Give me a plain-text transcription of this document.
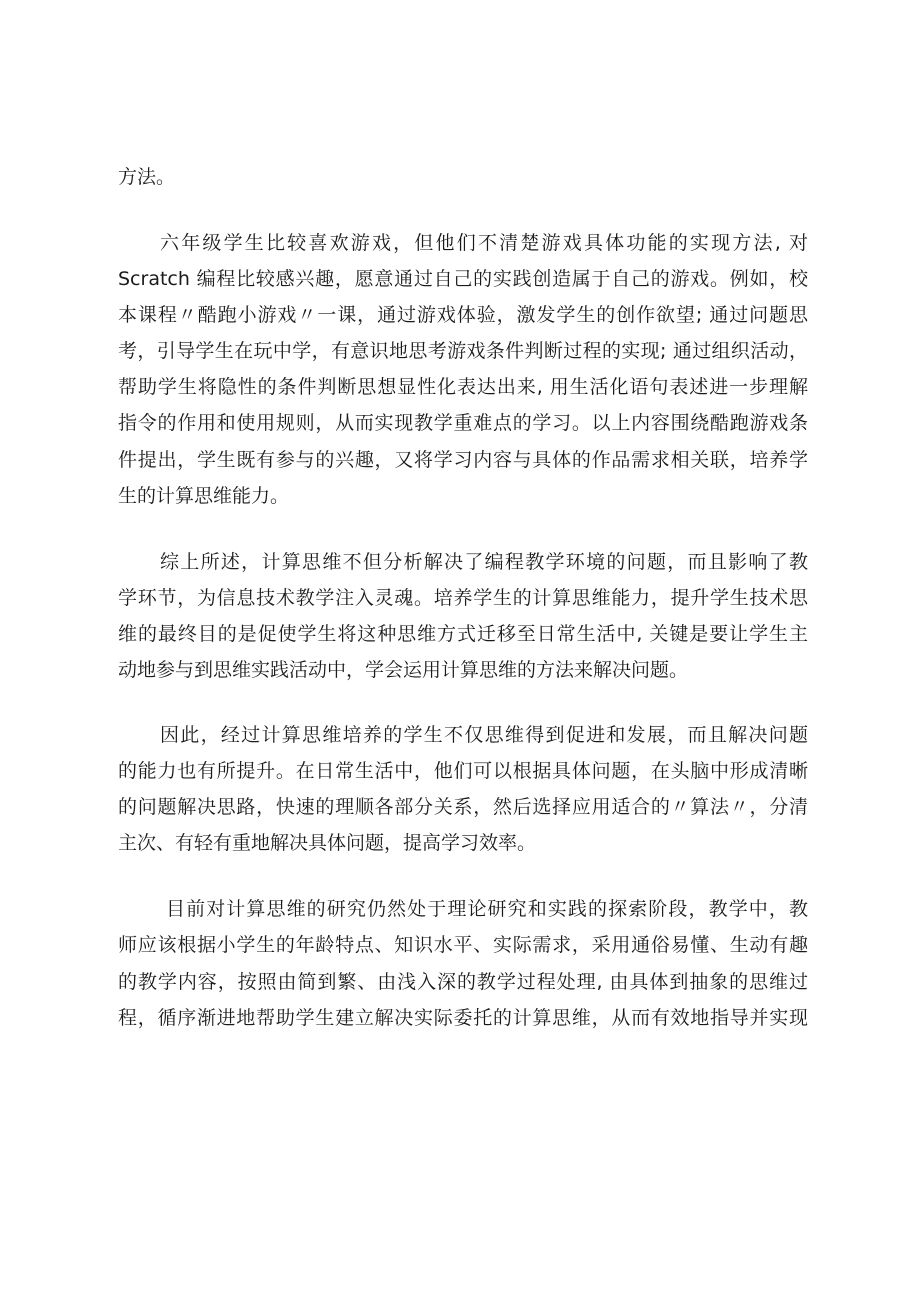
方法。

六年级学生比较喜欢游戏，但他们不清楚游戏具体功能的实现方法, 对

Scratch 编程比较感兴趣，愿意通过自己的实践创造属于自己的游戏。例如，校

本课程〃酷跑小游戏〃一课，通过游戏体验，激发学生的创作欲望; 通过问题思

考，引导学生在玩中学，有意识地思考游戏条件判断过程的实现; 通过组织活动，

帮助学生将隐性的条件判断思想显性化表达出来, 用生活化语句表述进一步理解

指令的作用和使用规则，从而实现教学重难点的学习。以上内容围绕酷跑游戏条

件提出，学生既有参与的兴趣，又将学习内容与具体的作品需求相关联，培养学

生的计算思维能力。

综上所述，计算思维不但分析解决了编程教学环境的问题，而且影响了教

学环节，为信息技术教学注入灵魂。培养学生的计算思维能力，提升学生技术思

维的最终目的是促使学生将这种思维方式迁移至日常生活中, 关键是要让学生主

动地参与到思维实践活动中，学会运用计算思维的方法来解决问题。

因此，经过计算思维培养的学生不仅思维得到促进和发展，而且解决问题

的能力也有所提升。在日常生活中，他们可以根据具体问题，在头脑中形成清晰

的问题解决思路，快速的理顺各部分关系，然后选择应用适合的〃算法〃，分清

主次、有轻有重地解决具体问题，提高学习效率。

目前对计算思维的研究仍然处于理论研究和实践的探索阶段，教学中，教

师应该根据小学生的年龄特点、知识水平、实际需求，采用通俗易懂、生动有趣

的教学内容，按照由简到繁、由浅入深的教学过程处理, 由具体到抽象的思维过

程，循序渐进地帮助学生建立解决实际委托的计算思维，从而有效地指导并实现
